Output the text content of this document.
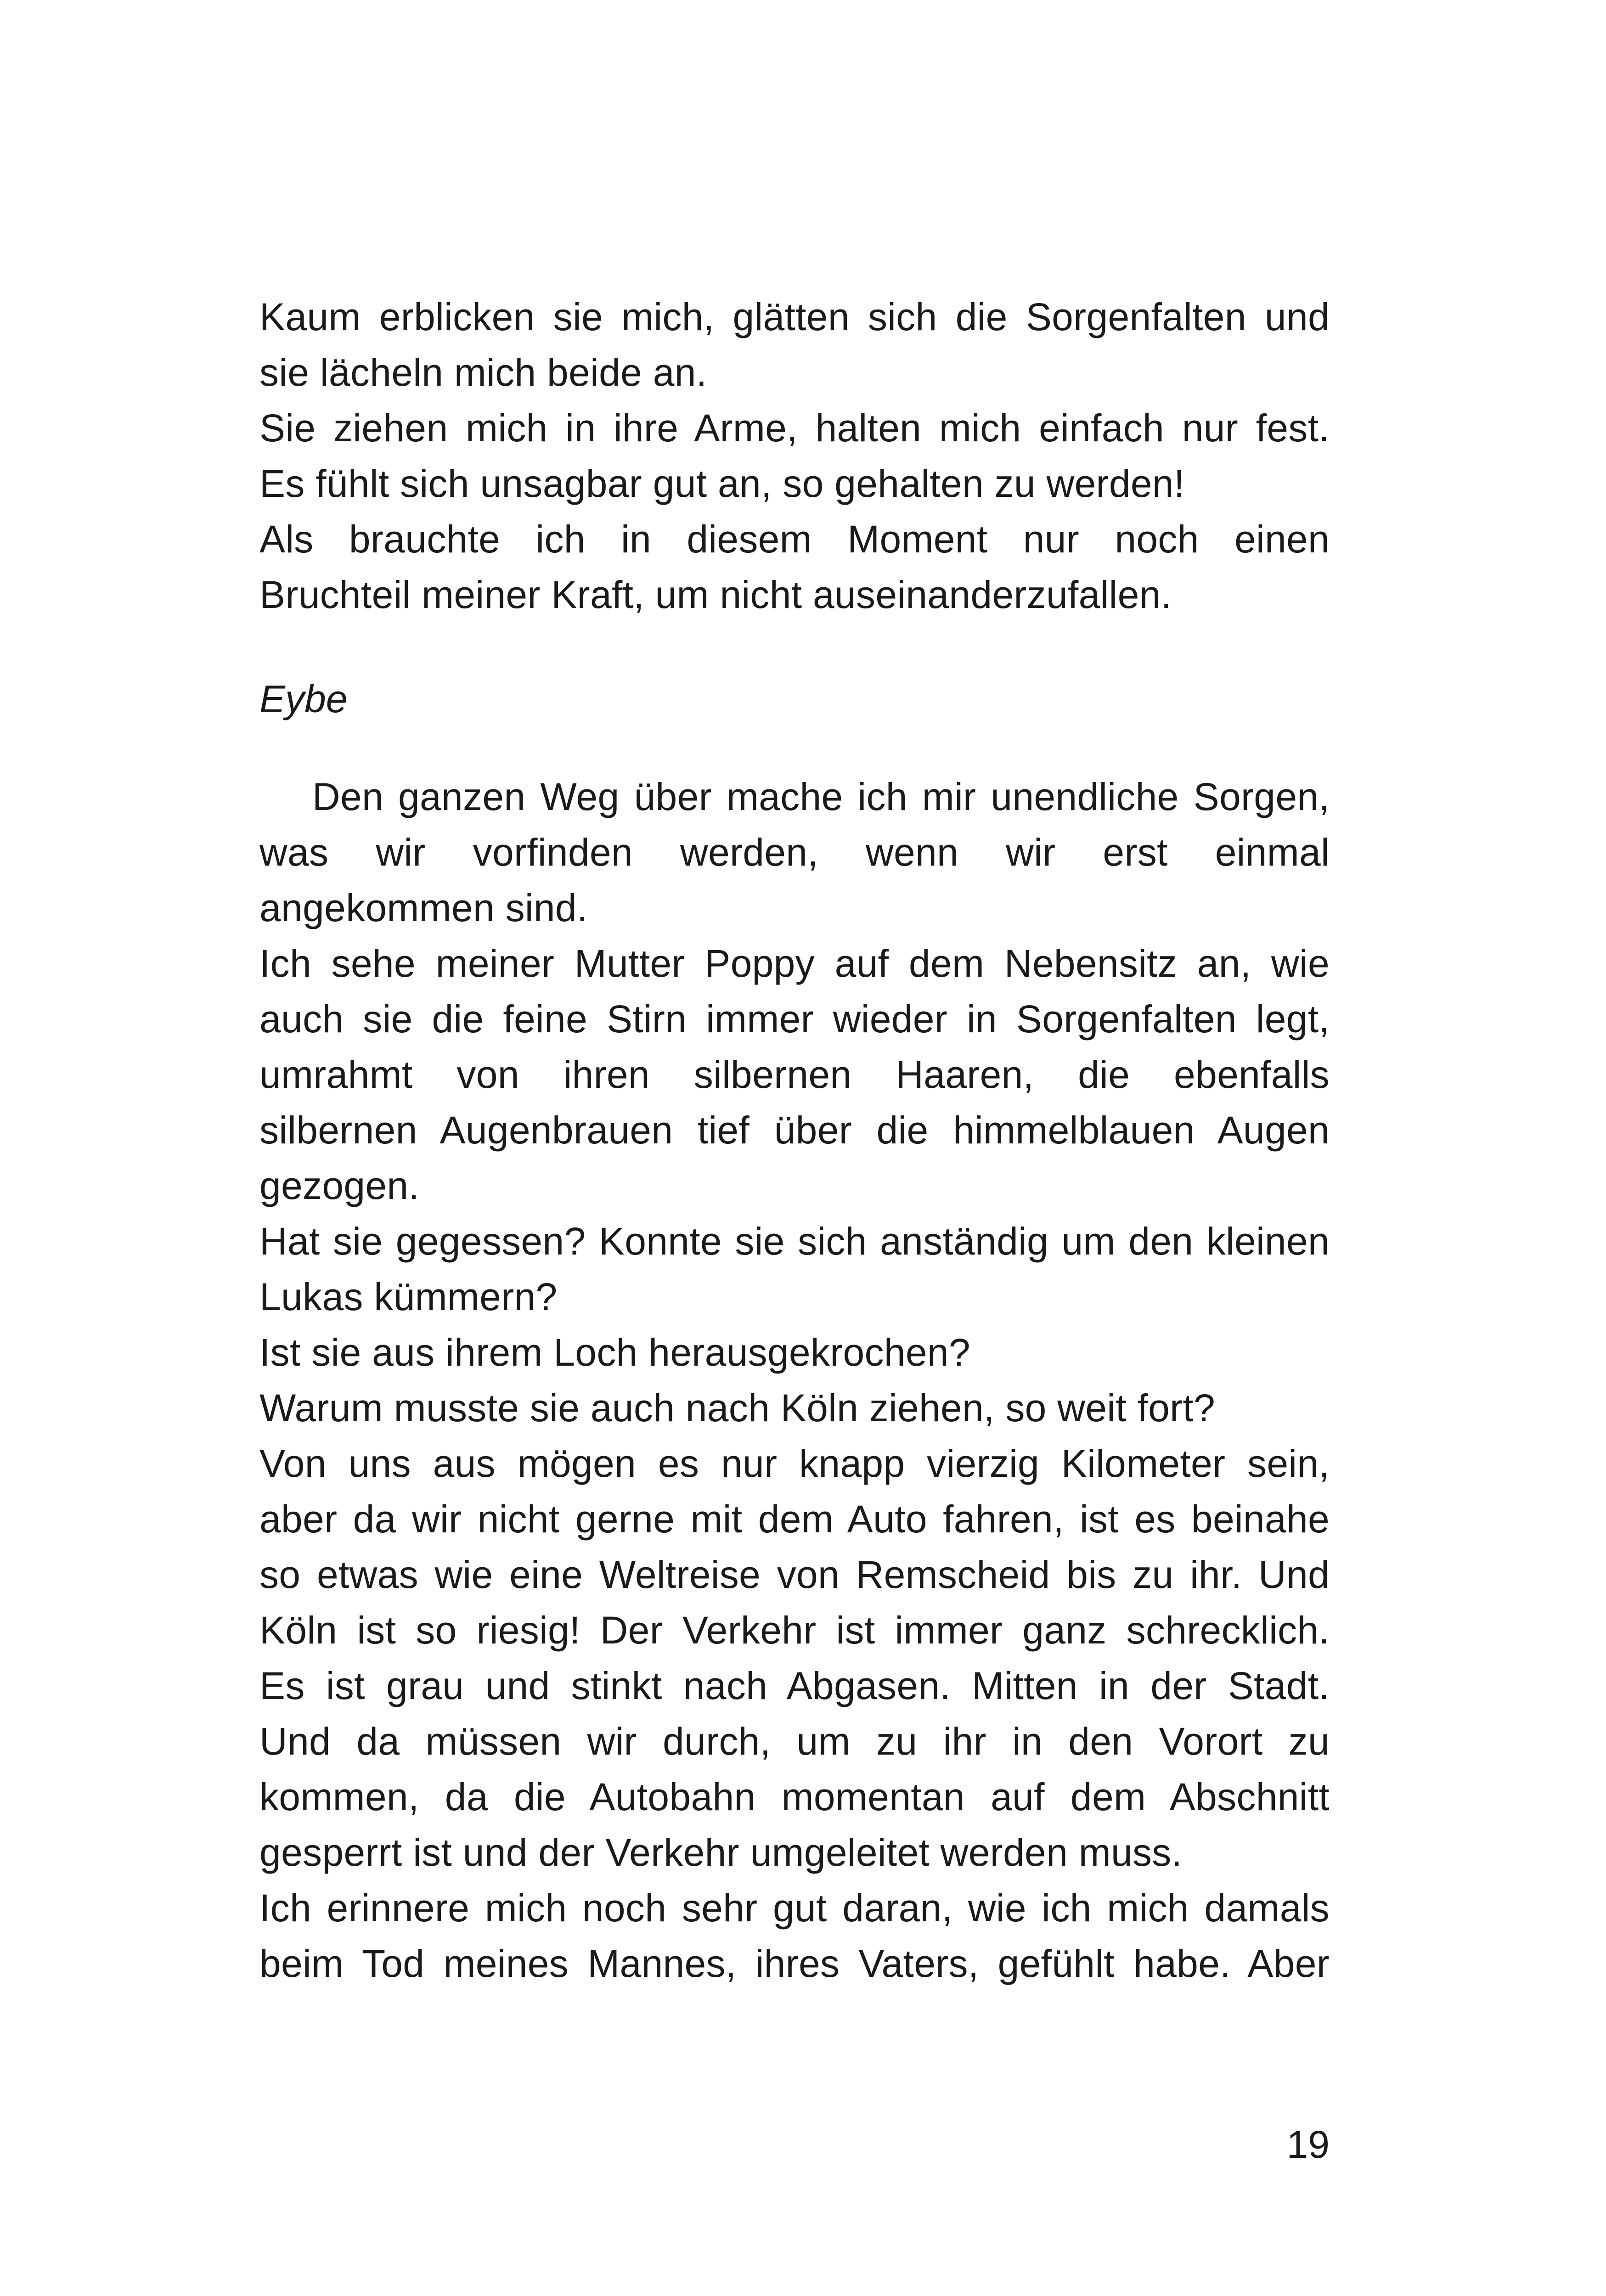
Kaum erblicken sie mich, glätten sich die Sorgenfalten und
sie lächeln mich beide an.
Sie ziehen mich in ihre Arme, halten mich einfach nur fest.
Es fühlt sich unsagbar gut an, so gehalten zu werden!
Als brauchte ich in diesem Moment nur noch einen
Bruchteil meiner Kraft, um nicht auseinanderzufallen.
Eybe
Den ganzen Weg über mache ich mir unendliche Sorgen,
was wir vorfinden werden, wenn wir erst einmal
angekommen sind.
Ich sehe meiner Mutter Poppy auf dem Nebensitz an, wie
auch sie die feine Stirn immer wieder in Sorgenfalten legt,
umrahmt von ihren silbernen Haaren, die ebenfalls
silbernen Augenbrauen tief über die himmelblauen Augen
gezogen.
Hat sie gegessen? Konnte sie sich anständig um den kleinen
Lukas kümmern?
Ist sie aus ihrem Loch herausgekrochen?
Warum musste sie auch nach Köln ziehen, so weit fort?
Von uns aus mögen es nur knapp vierzig Kilometer sein,
aber da wir nicht gerne mit dem Auto fahren, ist es beinahe
so etwas wie eine Weltreise von Remscheid bis zu ihr. Und
Köln ist so riesig! Der Verkehr ist immer ganz schrecklich.
Es ist grau und stinkt nach Abgasen. Mitten in der Stadt.
Und da müssen wir durch, um zu ihr in den Vorort zu
kommen, da die Autobahn momentan auf dem Abschnitt
gesperrt ist und der Verkehr umgeleitet werden muss.
Ich erinnere mich noch sehr gut daran, wie ich mich damals
beim Tod meines Mannes, ihres Vaters, gefühlt habe. Aber
19
